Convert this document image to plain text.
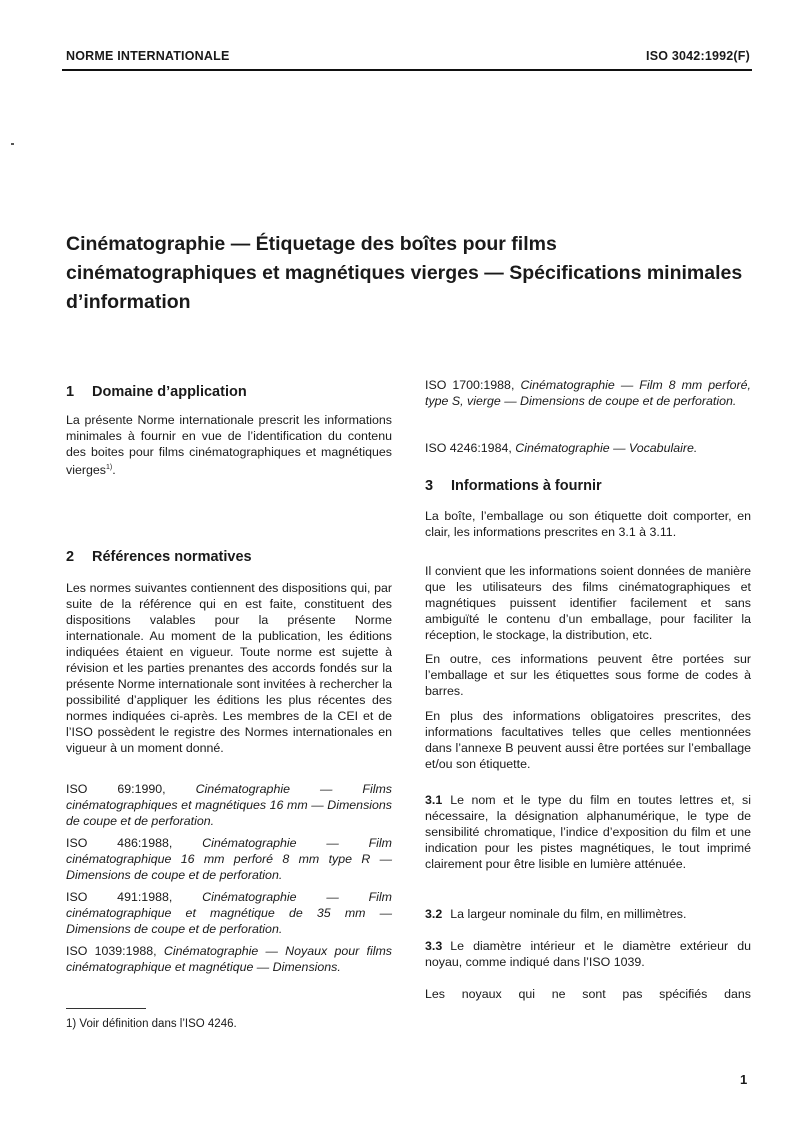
NORME INTERNATIONALE	ISO 3042:1992(F)
Cinématographie — Étiquetage des boîtes pour films cinématographiques et magnétiques vierges — Spécifications minimales d’information
1 Domaine d’application

La présente Norme internationale prescrit les informations minimales à fournir en vue de l’identification du contenu des boites pour films cinématographiques et magnétiques vierges$^{1)}$.

2 Références normatives

Les normes suivantes contiennent des dispositions qui, par suite de la référence qui en est faite, constituent des dispositions valables pour la présente Norme internationale. Au moment de la publication, les éditions indiquées étaient en vigueur. Toute norme est sujette à révision et les parties prenantes des accords fondés sur la présente Norme internationale sont invitées à rechercher la possibilité d’appliquer les éditions les plus récentes des normes indiquées ci-après. Les membres de la CEI et de l’ISO possèdent le registre des Normes internationales en vigueur à un moment donné.

ISO 69:1990, Cinématographie — Films cinématographiques et magnétiques 16 mm — Dimensions de coupe et de perforation.

ISO 486:1988, Cinématographie — Film cinématographique 16 mm perforé 8 mm type R — Dimensions de coupe et de perforation.

ISO 491:1988, Cinématographie — Film cinématographique et magnétique de 35 mm — Dimensions de coupe et de perforation.

ISO 1039:1988, Cinématographie — Noyaux pour films cinématographique et magnétique — Dimensions.

1) Voir définition dans l’ISO 4246.

ISO 1700:1988, Cinématographie — Film 8 mm perforé, type S, vierge — Dimensions de coupe et de perforation.

ISO 4246:1984, Cinématographie — Vocabulaire.

3 Informations à fournir

La boîte, l’emballage ou son étiquette doit comporter, en clair, les informations prescrites en 3.1 à 3.11.

Il convient que les informations soient données de manière que les utilisateurs des films cinématographiques et magnétiques puissent identifier facilement et sans ambiguïté le contenu d’un emballage, pour faciliter la réception, le stockage, la distribution, etc.

En outre, ces informations peuvent être portées sur l’emballage et sur les étiquettes sous forme de codes à barres.

En plus des informations obligatoires prescrites, des informations facultatives telles que celles mentionnées dans l’annexe B peuvent aussi être portées sur l’emballage et/ou son étiquette.

3.1 Le nom et le type du film en toutes lettres et, si nécessaire, la désignation alphanumérique, le type de sensibilité chromatique, l’indice d’exposition du film et une indication pour les pistes magnétiques, le tout imprimé clairement pour être lisible en lumière atténuée.

3.2 La largeur nominale du film, en millimètres.

3.3 Le diamètre intérieur et le diamètre extérieur du noyau, comme indiqué dans l’ISO 1039.

Les noyaux qui ne sont pas spécifiés dans

1
